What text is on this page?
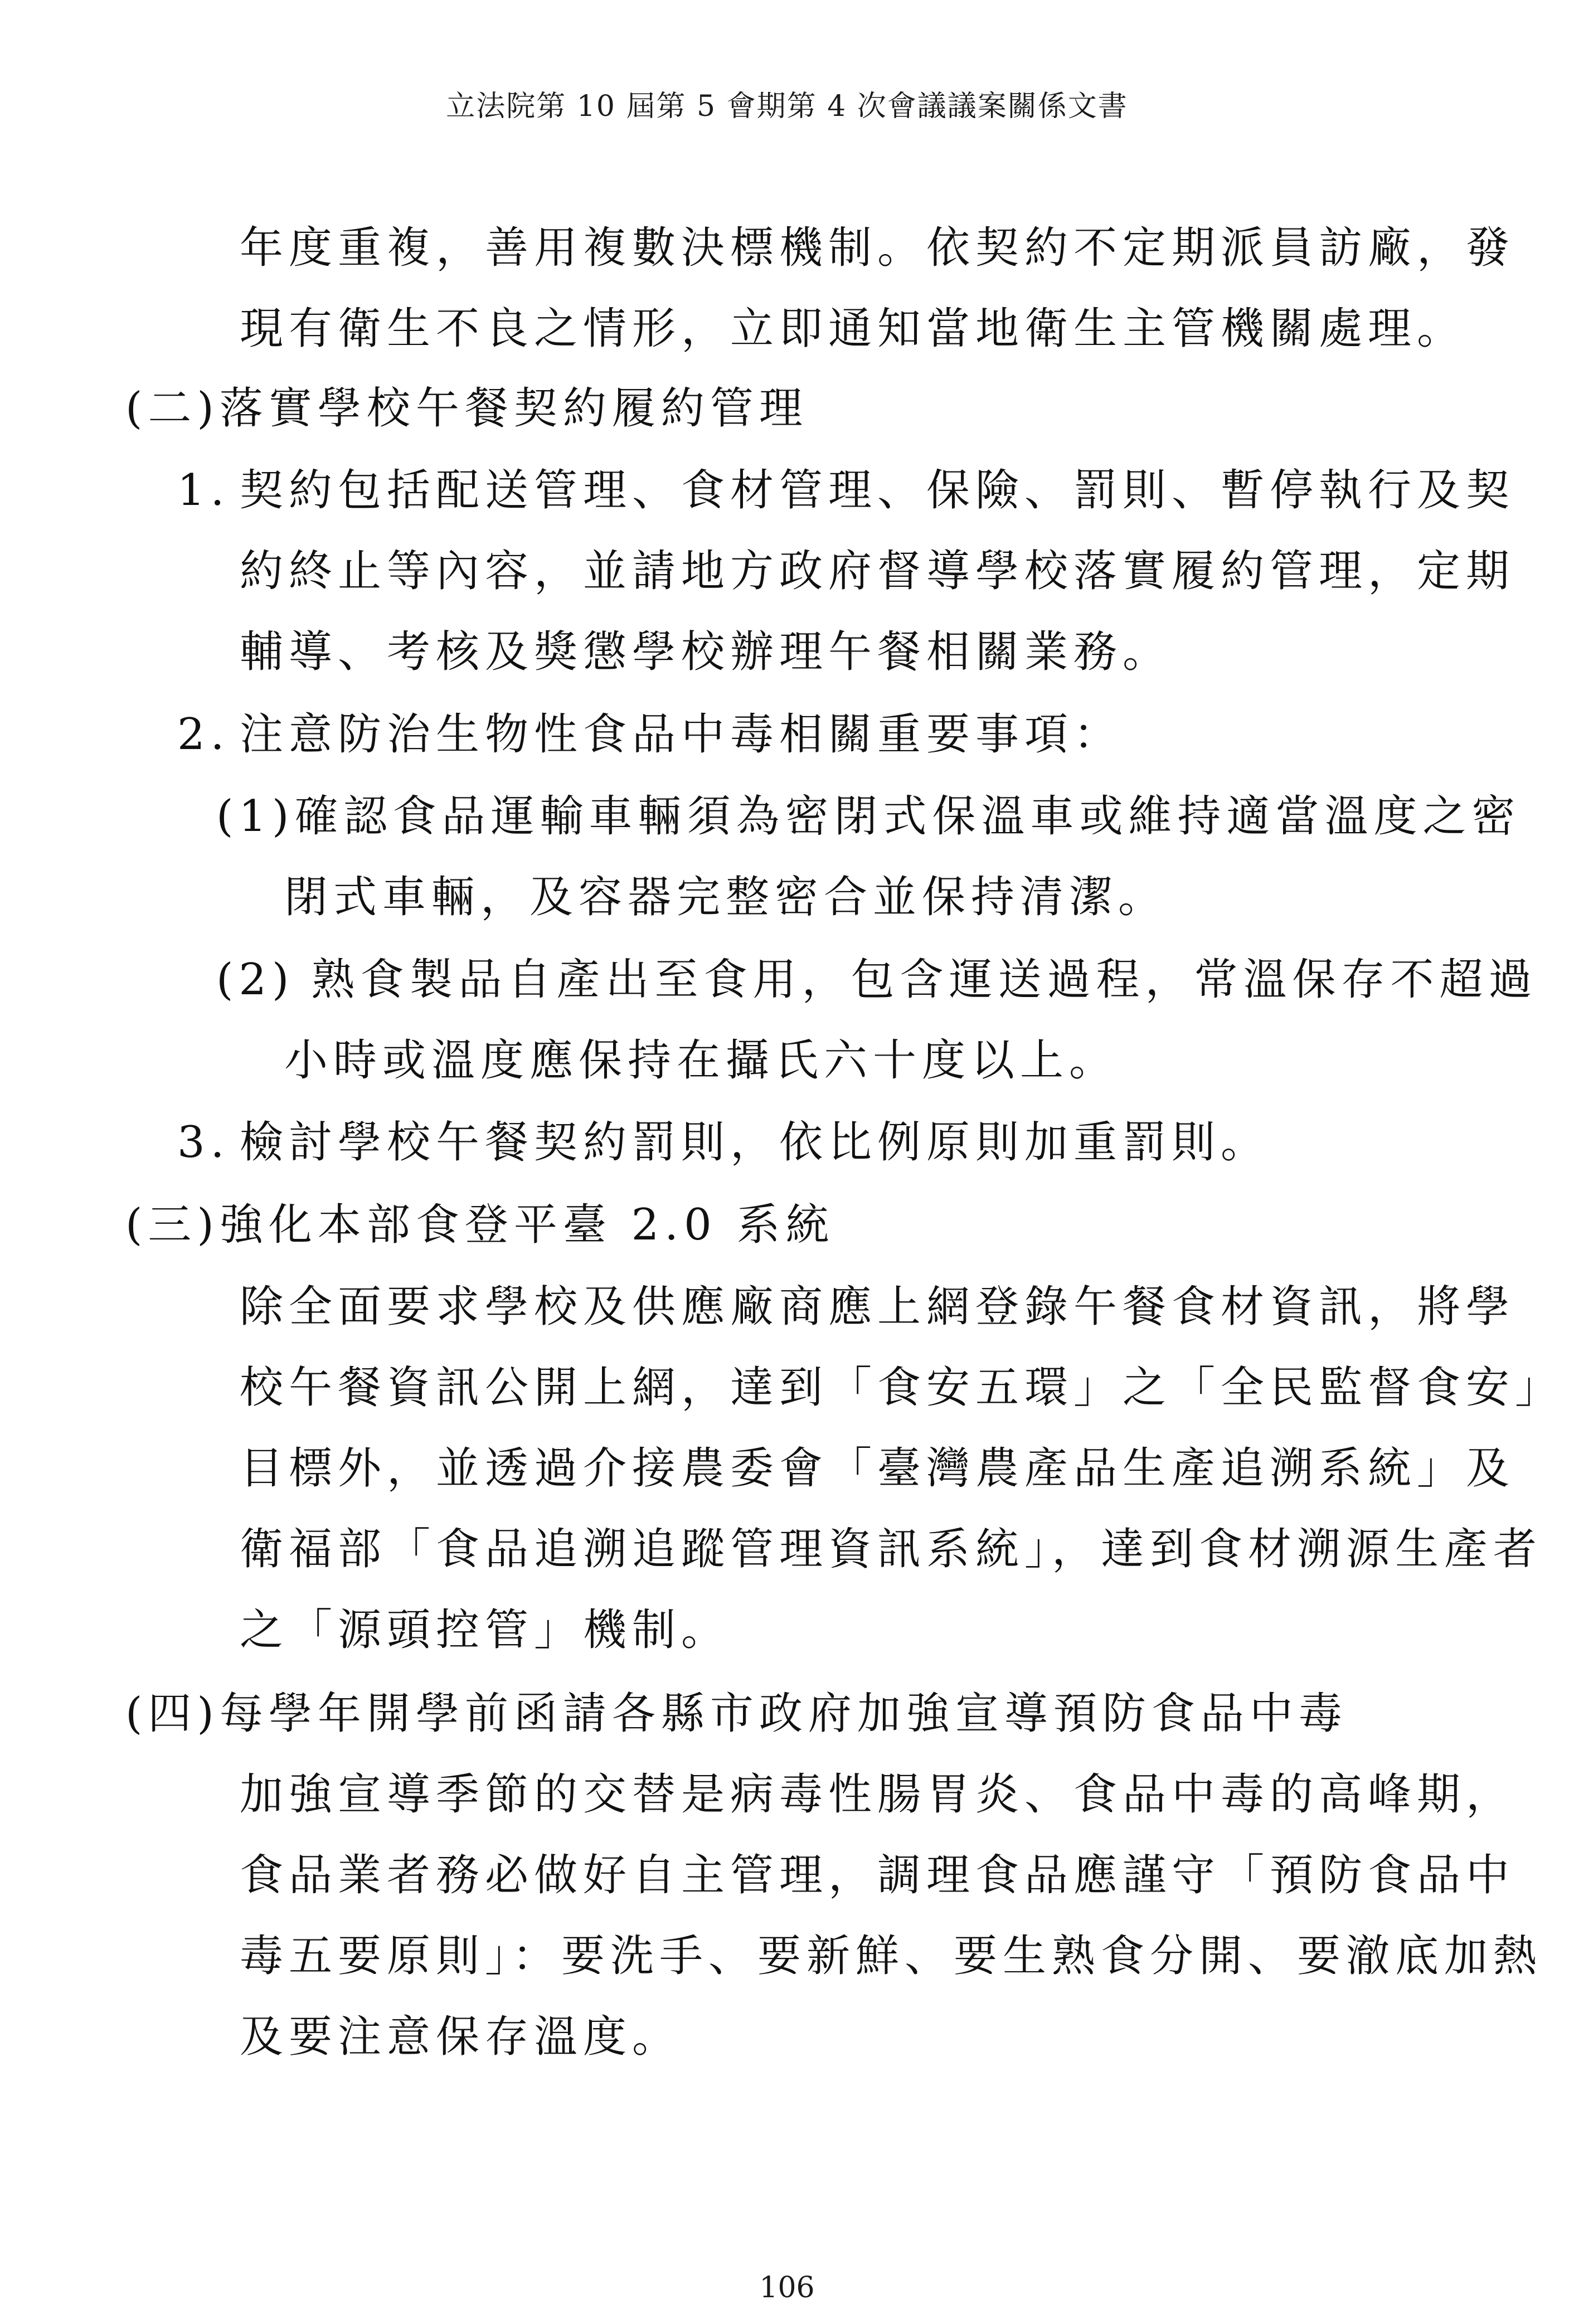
立法院第 10 屆第 5 會期第 4 次會議議案關係文書
年度重複，善用複數決標機制。依契約不定期派員訪廠，發
現有衛生不良之情形，立即通知當地衛生主管機關處理。
(二)落實學校午餐契約履約管理
1. 契約包括配送管理、食材管理、保險、罰則、暫停執行及契
約終止等內容，並請地方政府督導學校落實履約管理，定期
輔導、考核及獎懲學校辦理午餐相關業務。
2. 注意防治生物性食品中毒相關重要事項：
(1)確認食品運輸車輛須為密閉式保溫車或維持適當溫度之密
閉式車輛，及容器完整密合並保持清潔。
(2) 熟食製品自產出至食用，包含運送過程，常溫保存不超過
小時或溫度應保持在攝氏六十度以上。
3. 檢討學校午餐契約罰則，依比例原則加重罰則。
(三)強化本部食登平臺 2.0 系統
除全面要求學校及供應廠商應上網登錄午餐食材資訊，將學
校午餐資訊公開上網，達到「食安五環」之「全民監督食安」
目標外，並透過介接農委會「臺灣農產品生產追溯系統」及
衛福部「食品追溯追蹤管理資訊系統」，達到食材溯源生產者
之「源頭控管」機制。
(四)每學年開學前函請各縣市政府加強宣導預防食品中毒
加強宣導季節的交替是病毒性腸胃炎、食品中毒的高峰期，
食品業者務必做好自主管理，調理食品應謹守「預防食品中
毒五要原則」：要洗手、要新鮮、要生熟食分開、要澈底加熱
及要注意保存溫度。
106
